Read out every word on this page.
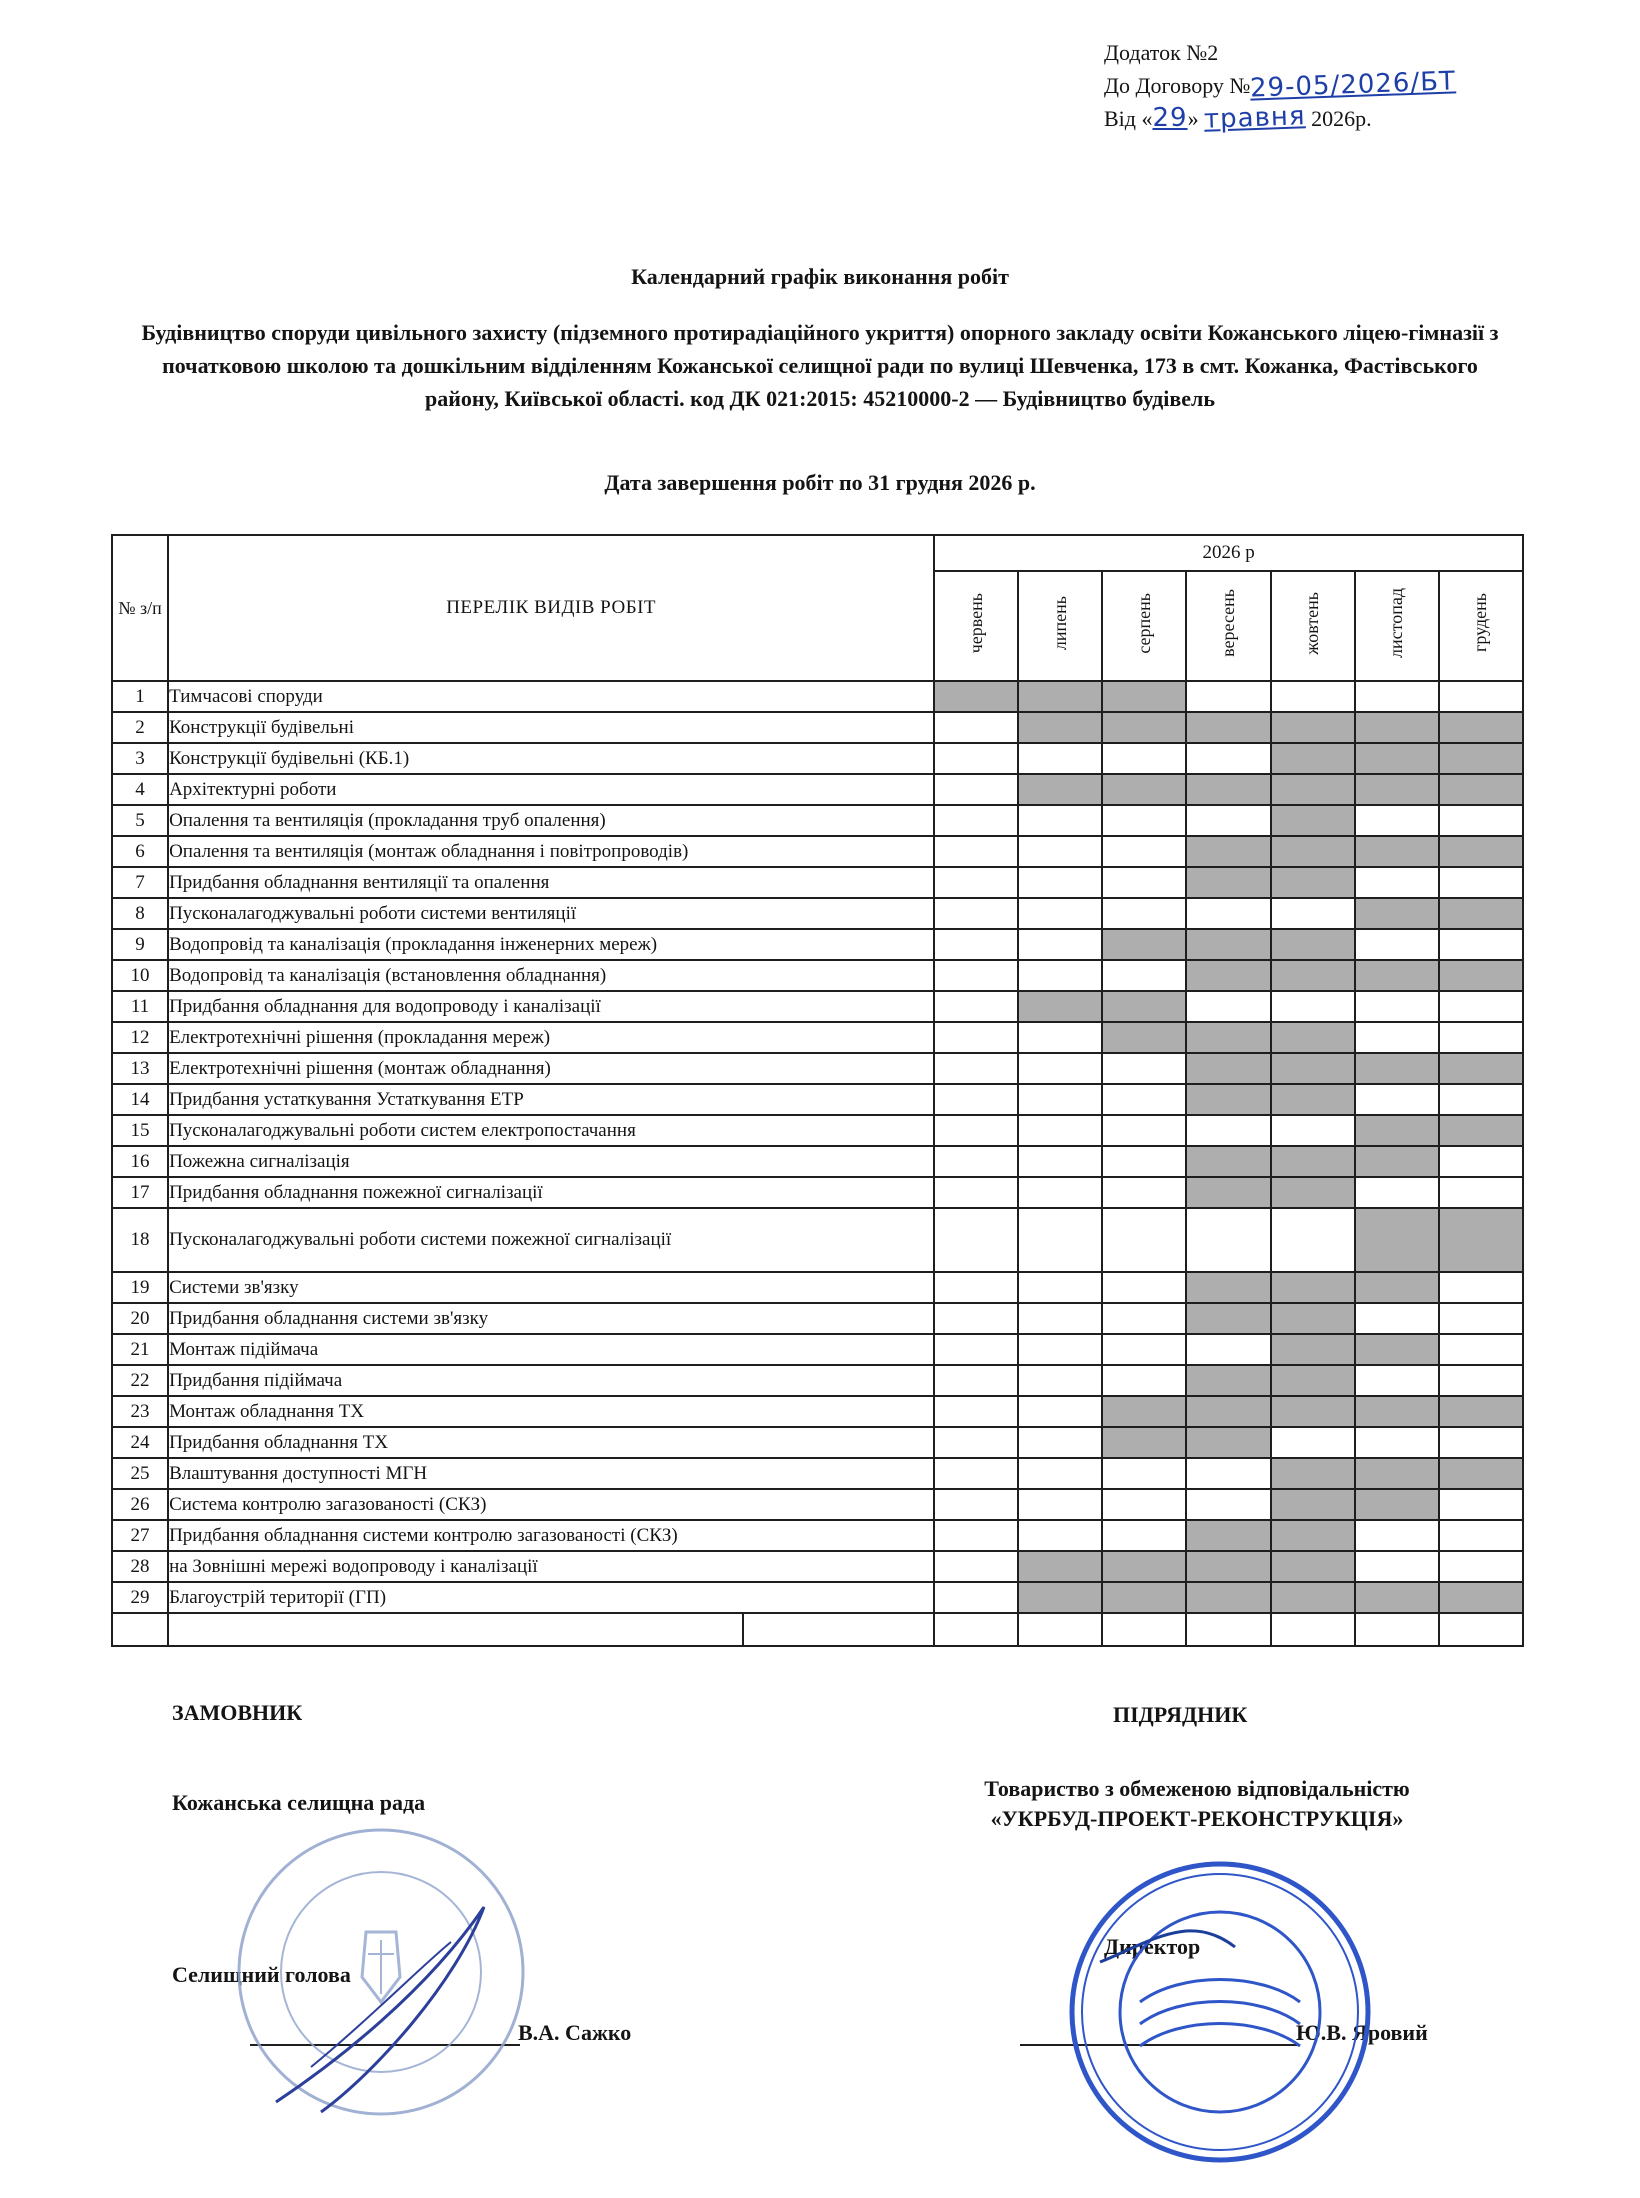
Додаток №2
До Договору №29-05/2026/БТ
Від «29» травня 2026р.
Календарний графік виконання робіт
Будівництво споруди цивільного захисту (підземного протирадіаційного укриття) опорного закладу освіти Кожанського ліцею-гімназії з початковою школою та дошкільним відділенням Кожанської селищної ради по вулиці Шевченка, 173 в смт. Кожанка, Фастівського району, Київської області. код ДК 021:2015: 45210000-2 — Будівництво будівель
Дата завершення робіт по 31 грудня 2026 р.
№ з/п	ПЕРЕЛІК ВИДІВ РОБІТ		2026 р						
			червень	липень	серпень	вересень	жовтень	листопад	грудень
1	Тимчасові споруди								
2	Конструкції будівельні								
3	Конструкції будівельні (КБ.1)								
4	Архітектурні роботи								
5	Опалення та вентиляція (прокладання труб опалення)								
6	Опалення та вентиляція (монтаж обладнання і повітропроводів)								
7	Придбання обладнання вентиляції та опалення								
8	Пусконалагоджувальні роботи системи вентиляції								
9	Водопровід та каналізація (прокладання інженерних мереж)								
10	Водопровід та каналізація (встановлення обладнання)								
11	Придбання обладнання для водопроводу і каналізації								
12	Електротехнічні рішення (прокладання мереж)								
13	Електротехнічні рішення (монтаж обладнання)								
14	Придбання устаткування Устаткування ЕТР								
15	Пусконалагоджувальні роботи систем електропостачання								
16	Пожежна сигналізація								
17	Придбання обладнання пожежної сигналізації								
18	Пусконалагоджувальні роботи системи пожежної сигналізації								
19	Системи зв'язку								
20	Придбання обладнання системи зв'язку								
21	Монтаж підіймача								
22	Придбання підіймача								
23	Монтаж обладнання ТХ								
24	Придбання обладнання ТХ								
25	Влаштування доступності МГН								
26	Система контролю загазованості (СКЗ)								
27	Придбання обладнання системи контролю загазованості (СКЗ)								
28	на Зовнішні мережі водопроводу і каналізації								
29	Благоустрій території (ГП)								

ЗАМОВНИК	ПІДРЯДНИК
Кожанська селищна рада
Товариство з обмеженою відповідальністю
«УКРБУД-ПРОЕКТ-РЕКОНСТРУКЦІЯ»
Селищний голова
Директор
В.А. Сажко	Ю.В. Яровий
